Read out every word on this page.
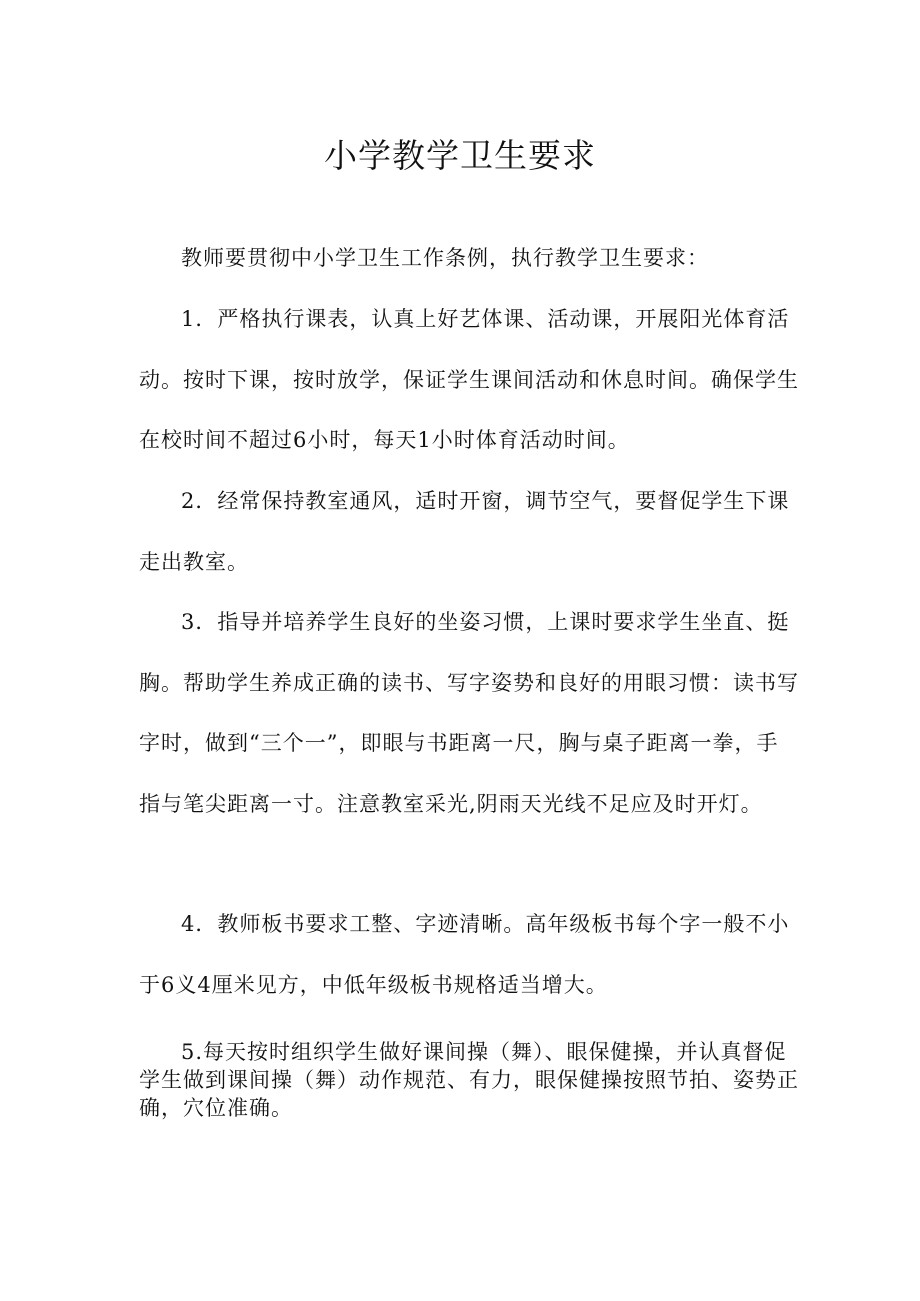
小学教学卫生要求

教师要贯彻中小学卫生工作条例，执行教学卫生要求：

1．严格执行课表，认真上好艺体课、活动课，开展阳光体育活动。按时下课，按时放学，保证学生课间活动和休息时间。确保学生在校时间不超过6小时，每天1小时体育活动时间。

2．经常保持教室通风，适时开窗，调节空气，要督促学生下课走出教室。

3．指导并培养学生良好的坐姿习惯，上课时要求学生坐直、挺胸。帮助学生养成正确的读书、写字姿势和良好的用眼习惯：读书写字时，做到“三个一”，即眼与书距离一尺，胸与桌子距离一拳，手指与笔尖距离一寸。注意教室采光,阴雨天光线不足应及时开灯。

4．教师板书要求工整、字迹清晰。高年级板书每个字一般不小于6义4厘米见方，中低年级板书规格适当增大。

5.每天按时组织学生做好课间操（舞）、眼保健操，并认真督促学生做到课间操（舞）动作规范、有力，眼保健操按照节拍、姿势正确，穴位准确。
